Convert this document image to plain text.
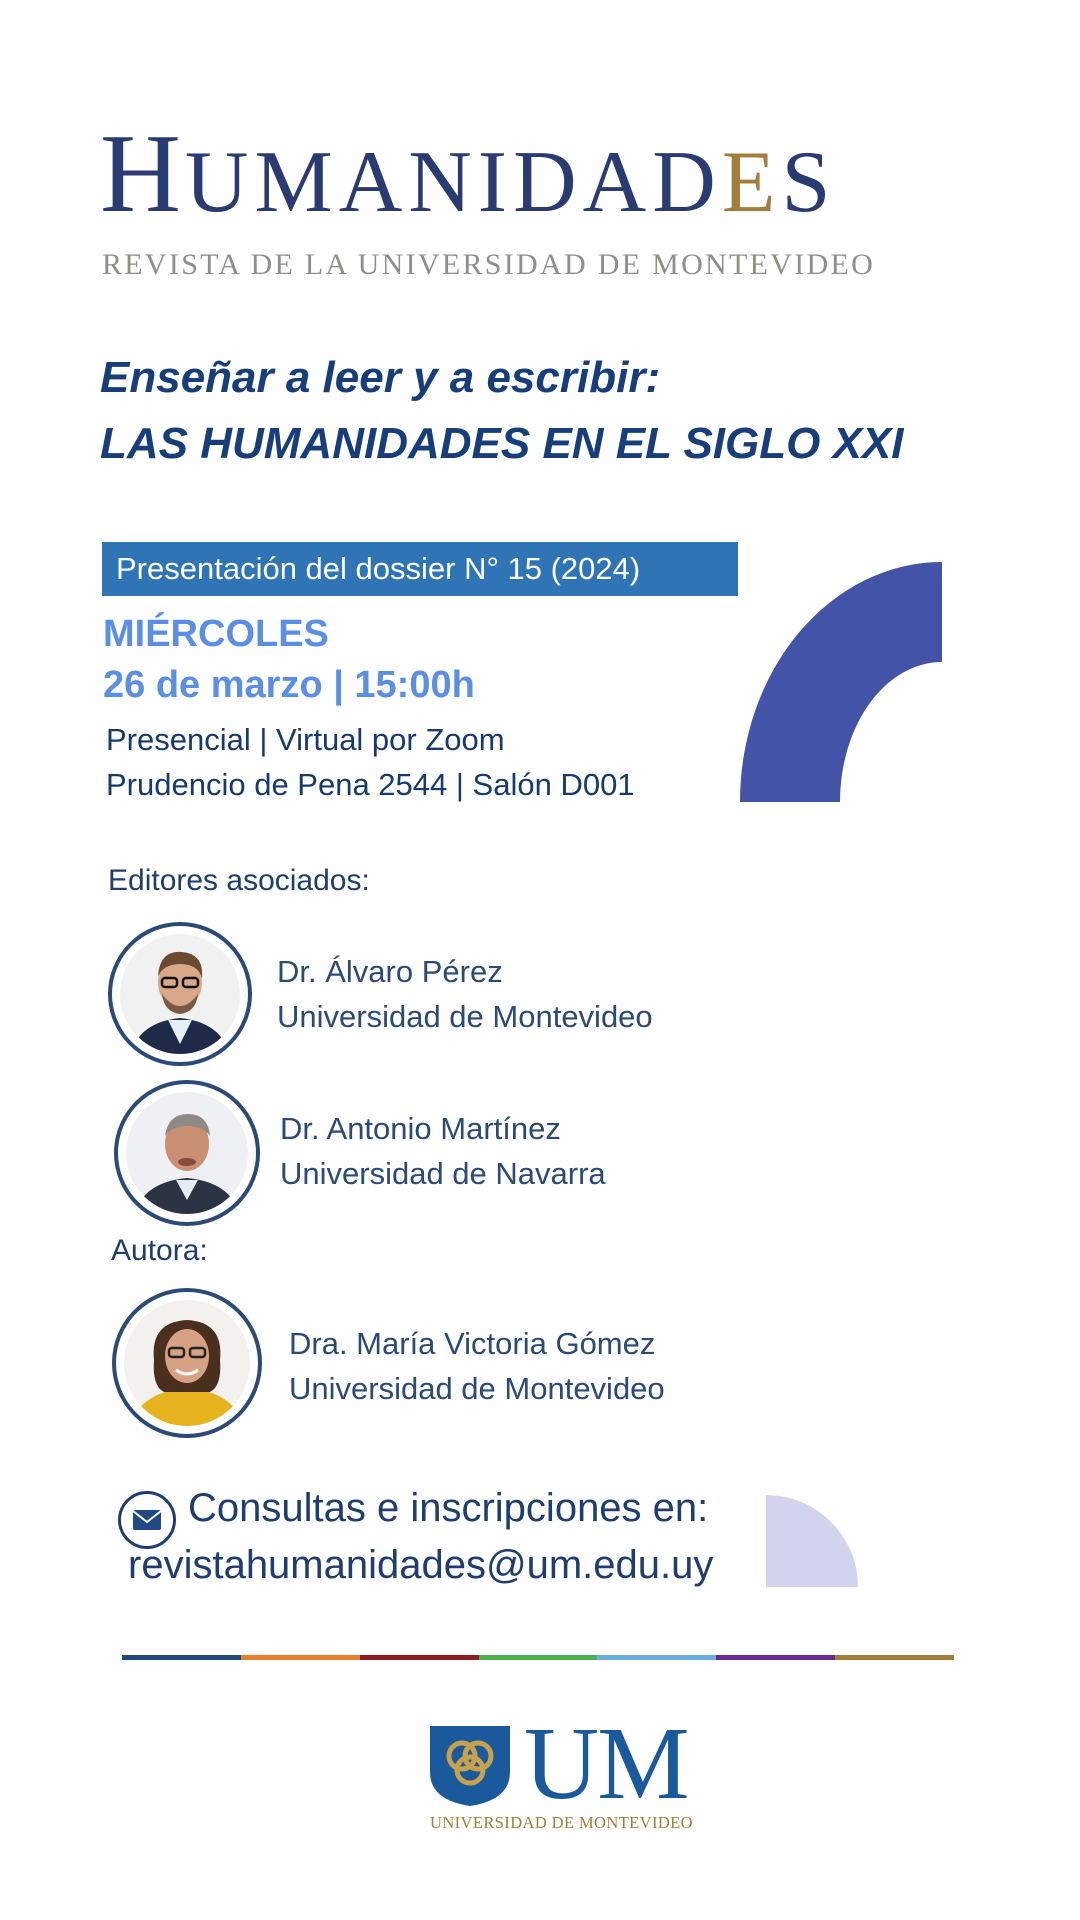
HUMANIDADES
REVISTA DE LA UNIVERSIDAD DE MONTEVIDEO
Enseñar a leer y a escribir:
LAS HUMANIDADES EN EL SIGLO XXI
Presentación del dossier N° 15 (2024)
MIÉRCOLES
26 de marzo | 15:00h
Presencial | Virtual por Zoom
Prudencio de Pena 2544 | Salón D001
Editores asociados:
Dr. Álvaro Pérez
Universidad de Montevideo
Dr. Antonio Martínez
Universidad de Navarra
Autora:
Dra. María Victoria Gómez
Universidad de Montevideo
Consultas e inscripciones en:
revistahumanidades@um.edu.uy
UM
UNIVERSIDAD DE MONTEVIDEO
